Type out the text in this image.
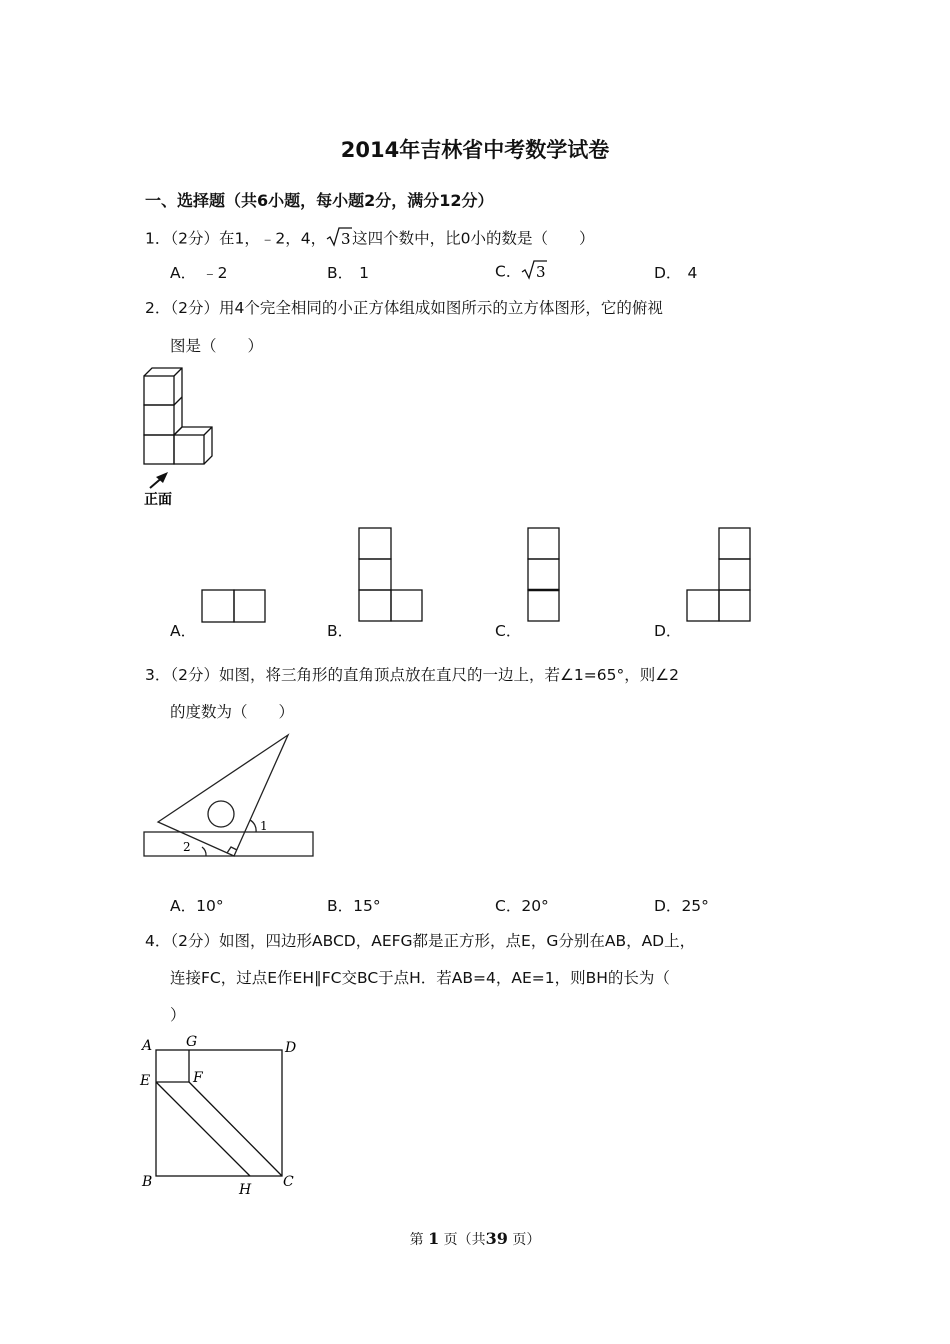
2014年吉林省中考数学试卷
一、选择题（共6小题，每小题2分，满分12分）
1．（2分）在1，﹣2，4， 3 这四个数中，比0小的数是（　　）
A． ﹣2	B． 1	C． 3	D． 4
2．（2分）用4个完全相同的小正方体组成如图所示的立方体图形，它的俯视
图是（　　）
正面
A．	B．	C．	D．
3．（2分）如图，将三角形的直角顶点放在直尺的一边上，若∠1=65°，则∠2
的度数为（　　）
1
2
A．10°	B．15°	C．20°	D．25°
4．（2分）如图，四边形ABCD，AEFG都是正方形，点E，G分别在AB，AD上，
连接FC，过点E作EH∥FC交BC于点H．若AB=4，AE=1，则BH的长为（
）
A G	D
E	F
B	H C
第 1 页（共39 页）
